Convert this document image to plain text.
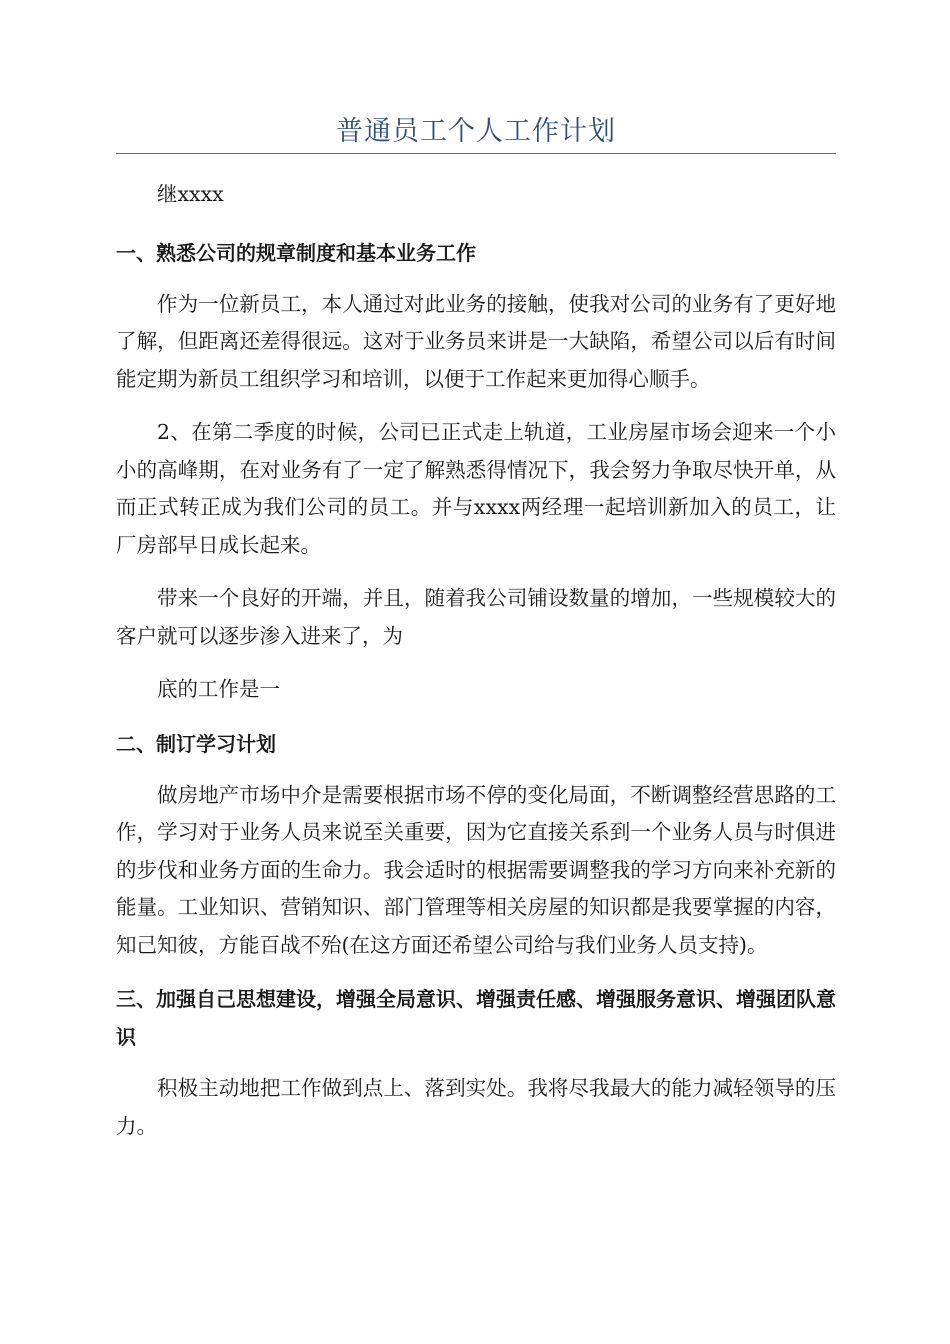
普通员工个人工作计划

继xxxx

一、熟悉公司的规章制度和基本业务工作

作为一位新员工，本人通过对此业务的接触，使我对公司的业务有了更好地了解，但距离还差得很远。这对于业务员来讲是一大缺陷，希望公司以后有时间能定期为新员工组织学习和培训，以便于工作起来更加得心顺手。

2、在第二季度的时候，公司已正式走上轨道，工业房屋市场会迎来一个小小的高峰期，在对业务有了一定了解熟悉得情况下，我会努力争取尽快开单，从而正式转正成为我们公司的员工。并与xxxx两经理一起培训新加入的员工，让厂房部早日成长起来。

带来一个良好的开端，并且，随着我公司铺设数量的增加，一些规模较大的客户就可以逐步渗入进来了，为

底的工作是一

二、制订学习计划

做房地产市场中介是需要根据市场不停的变化局面，不断调整经营思路的工作，学习对于业务人员来说至关重要，因为它直接关系到一个业务人员与时俱进的步伐和业务方面的生命力。我会适时的根据需要调整我的学习方向来补充新的能量。工业知识、营销知识、部门管理等相关房屋的知识都是我要掌握的内容，知己知彼，方能百战不殆(在这方面还希望公司给与我们业务人员支持)。

三、加强自己思想建设，增强全局意识、增强责任感、增强服务意识、增强团队意识

积极主动地把工作做到点上、落到实处。我将尽我最大的能力减轻领导的压力。
